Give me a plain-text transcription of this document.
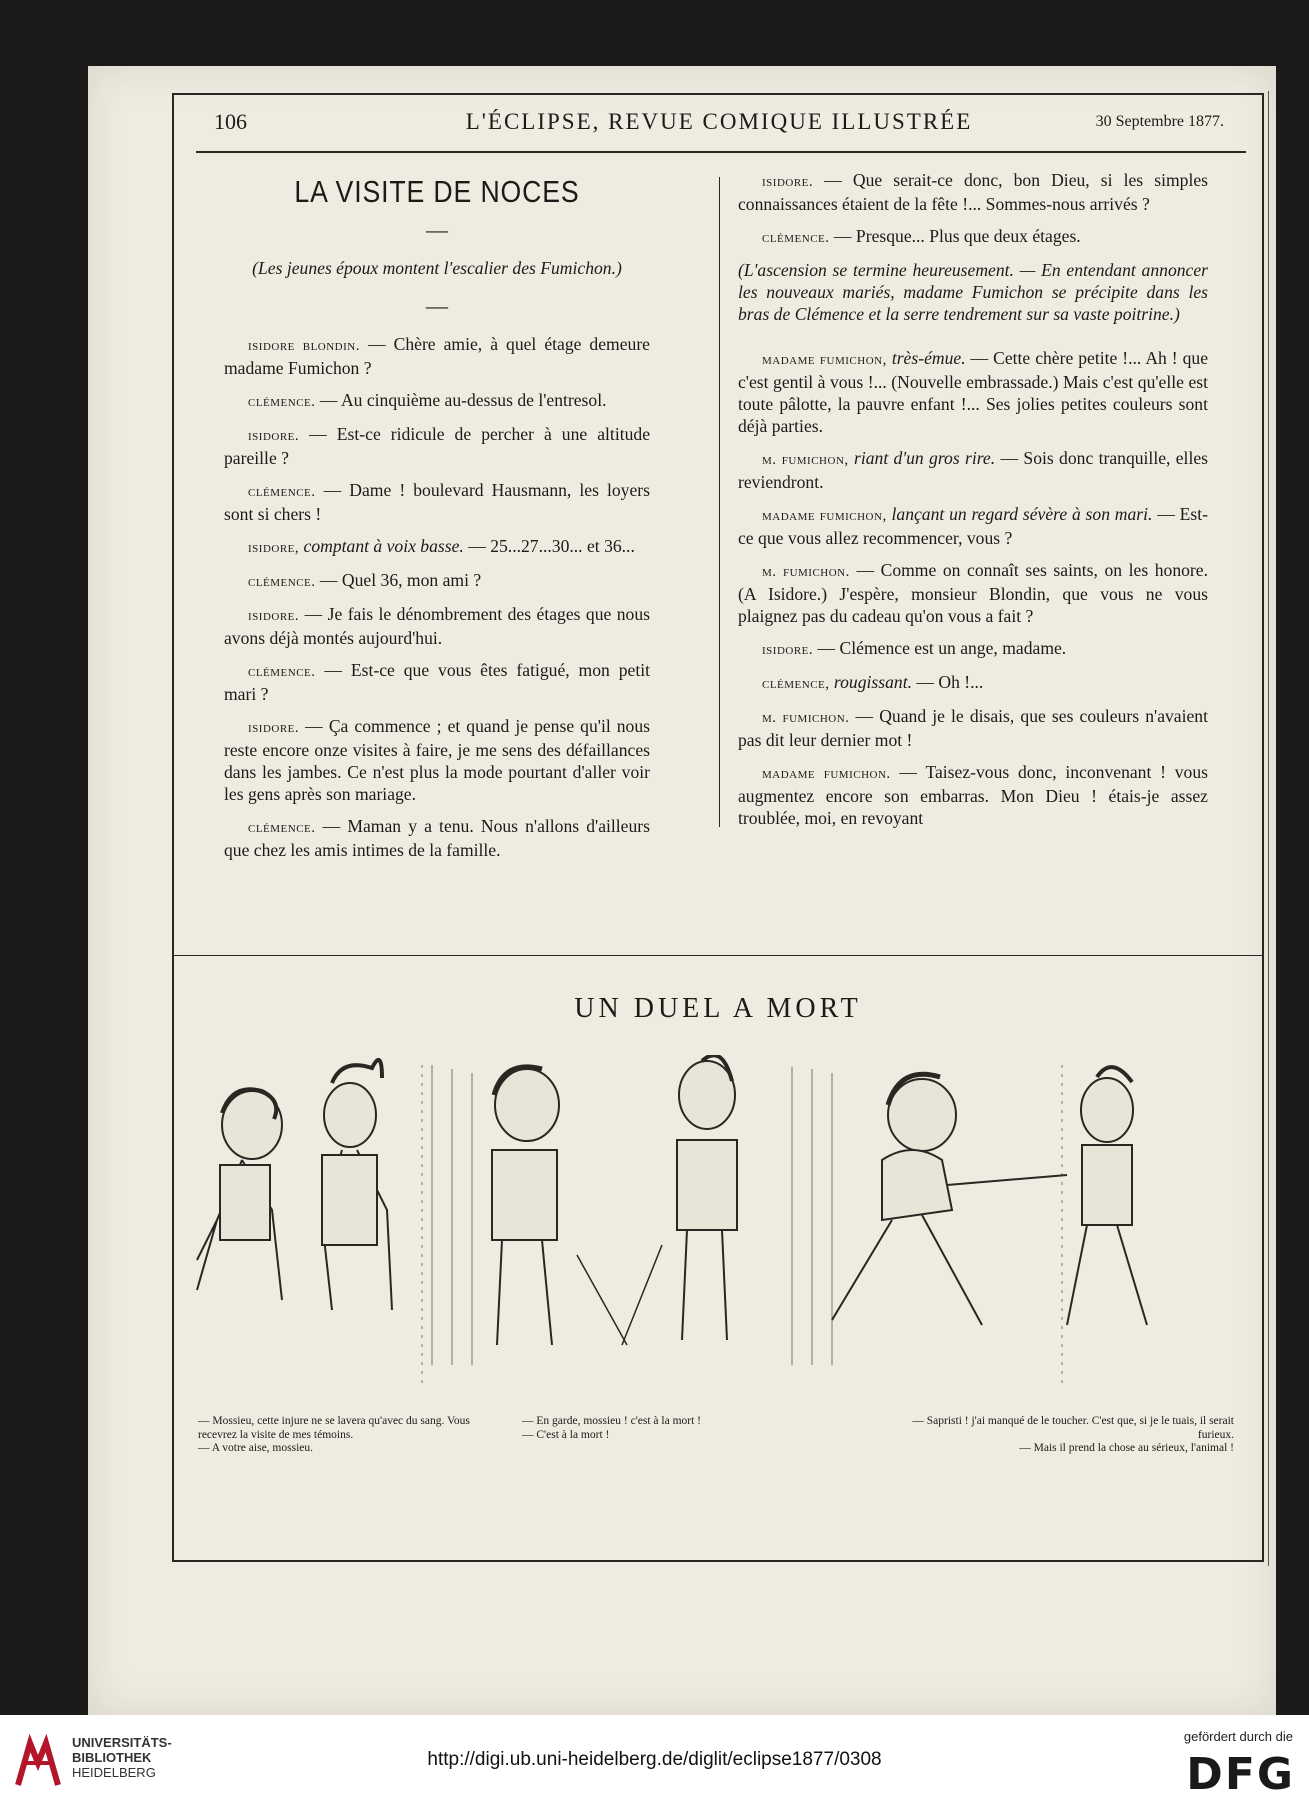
106	L'ÉCLIPSE, REVUE COMIQUE ILLUSTRÉE	30 Septembre 1877.
LA VISITE DE NOCES
—
(Les jeunes époux montent l'escalier des Fumichon.)
—

isidore blondin. — Chère amie, à quel étage demeure madame Fumichon ?

clémence. — Au cinquième au-dessus de l'entresol.

isidore. — Est-ce ridicule de percher à une altitude pareille ?

clémence. — Dame ! boulevard Hausmann, les loyers sont si chers !

isidore, comptant à voix basse. — 25...27...30... et 36...

clémence. — Quel 36, mon ami ?

isidore. — Je fais le dénombrement des étages que nous avons déjà montés aujourd'hui.

clémence. — Est-ce que vous êtes fatigué, mon petit mari ?

isidore. — Ça commence ; et quand je pense qu'il nous reste encore onze visites à faire, je me sens des défaillances dans les jambes. Ce n'est plus la mode pourtant d'aller voir les gens après son mariage.

clémence. — Maman y a tenu. Nous n'allons d'ailleurs que chez les amis intimes de la famille.

isidore. — Que serait-ce donc, bon Dieu, si les simples connaissances étaient de la fête !... Sommes-nous arrivés ?

clémence. — Presque... Plus que deux étages.

(L'ascension se termine heureusement. — En entendant annoncer les nouveaux mariés, madame Fumichon se précipite dans les bras de Clémence et la serre tendrement sur sa vaste poitrine.)

madame fumichon, très-émue. — Cette chère petite !... Ah ! que c'est gentil à vous !... (Nouvelle embrassade.) Mais c'est qu'elle est toute pâlotte, la pauvre enfant !... Ses jolies petites couleurs sont déjà parties.

m. fumichon, riant d'un gros rire. — Sois donc tranquille, elles reviendront.

madame fumichon, lançant un regard sévère à son mari. — Est-ce que vous allez recommencer, vous ?

m. fumichon. — Comme on connaît ses saints, on les honore. (A Isidore.) J'espère, monsieur Blondin, que vous ne vous plaignez pas du cadeau qu'on vous a fait ?

isidore. — Clémence est un ange, madame.

clémence, rougissant. — Oh !...

m. fumichon. — Quand je le disais, que ses couleurs n'avaient pas dit leur dernier mot !

madame fumichon. — Taisez-vous donc, inconvenant ! vous augmentez encore son embarras. Mon Dieu ! étais-je assez troublée, moi, en revoyant

UN DUEL A MORT
— Mossieu, cette injure ne se lavera qu'avec du sang. Vous recevrez la visite de mes témoins.
— A votre aise, mossieu.
— En garde, mossieu ! c'est à la mort !
— C'est à la mort !
— Sapristi ! j'ai manqué de le toucher. C'est que, si je le tuais, il serait furieux.
— Mais il prend la chose au sérieux, l'animal !
UNIVERSITÄTS-
BIBLIOTHEK
HEIDELBERG
http://digi.ub.uni-heidelberg.de/diglit/eclipse1877/0308
gefördert durch die
DFG
